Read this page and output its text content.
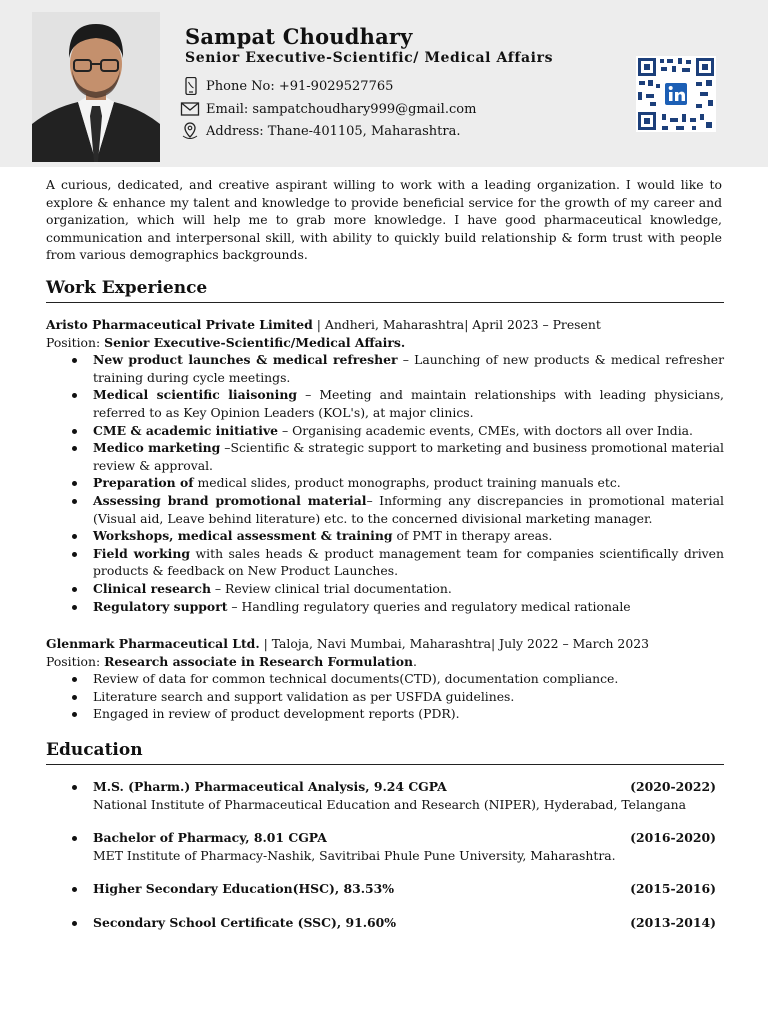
Sampat Choudhary
Senior Executive-Scientific/ Medical Affairs
Phone No: +91-9029527765
Email: sampatchoudhary999@gmail.com
Address: Thane-401105, Maharashtra.
A curious, dedicated, and creative aspirant willing to work with a leading organization. I would like to explore & enhance my talent and knowledge to provide beneficial service for the growth of my career and organization, which will help me to grab more knowledge. I have good pharmaceutical knowledge, communication and interpersonal skill, with ability to quickly build relationship & form trust with people from various demographics backgrounds.
Work Experience
Aristo Pharmaceutical Private Limited | Andheri, Maharashtra| April 2023 – Present
Position: Senior Executive-Scientific/Medical Affairs.
New product launches & medical refresher – Launching of new products & medical refresher training during cycle meetings.
Medical scientific liaisoning – Meeting and maintain relationships with leading physicians, referred to as Key Opinion Leaders (KOL's), at major clinics.
CME & academic initiative – Organising academic events, CMEs, with doctors all over India.
Medico marketing –Scientific & strategic support to marketing and business promotional material review & approval.
Preparation of medical slides, product monographs, product training manuals etc.
Assessing brand promotional material– Informing any discrepancies in promotional material (Visual aid, Leave behind literature) etc. to the concerned divisional marketing manager.
Workshops, medical assessment & training of PMT in therapy areas.
Field working with sales heads & product management team for companies scientifically driven products & feedback on New Product Launches.
Clinical research – Review clinical trial documentation.
Regulatory support – Handling regulatory queries and regulatory medical rationale
Glenmark Pharmaceutical Ltd. | Taloja, Navi Mumbai, Maharashtra| July 2022 – March 2023
Position: Research associate in Research Formulation.
Review of data for common technical documents(CTD), documentation compliance.
Literature search and support validation as per USFDA guidelines.
Engaged in review of product development reports (PDR).
Education
M.S. (Pharm.) Pharmaceutical Analysis, 9.24 CGPA	(2020-2022)
National Institute of Pharmaceutical Education and Research (NIPER), Hyderabad, Telangana
Bachelor of Pharmacy, 8.01 CGPA	(2016-2020)
MET Institute of Pharmacy-Nashik, Savitribai Phule Pune University, Maharashtra.
Higher Secondary Education(HSC), 83.53%	(2015-2016)
Secondary School Certificate (SSC), 91.60%	(2013-2014)
